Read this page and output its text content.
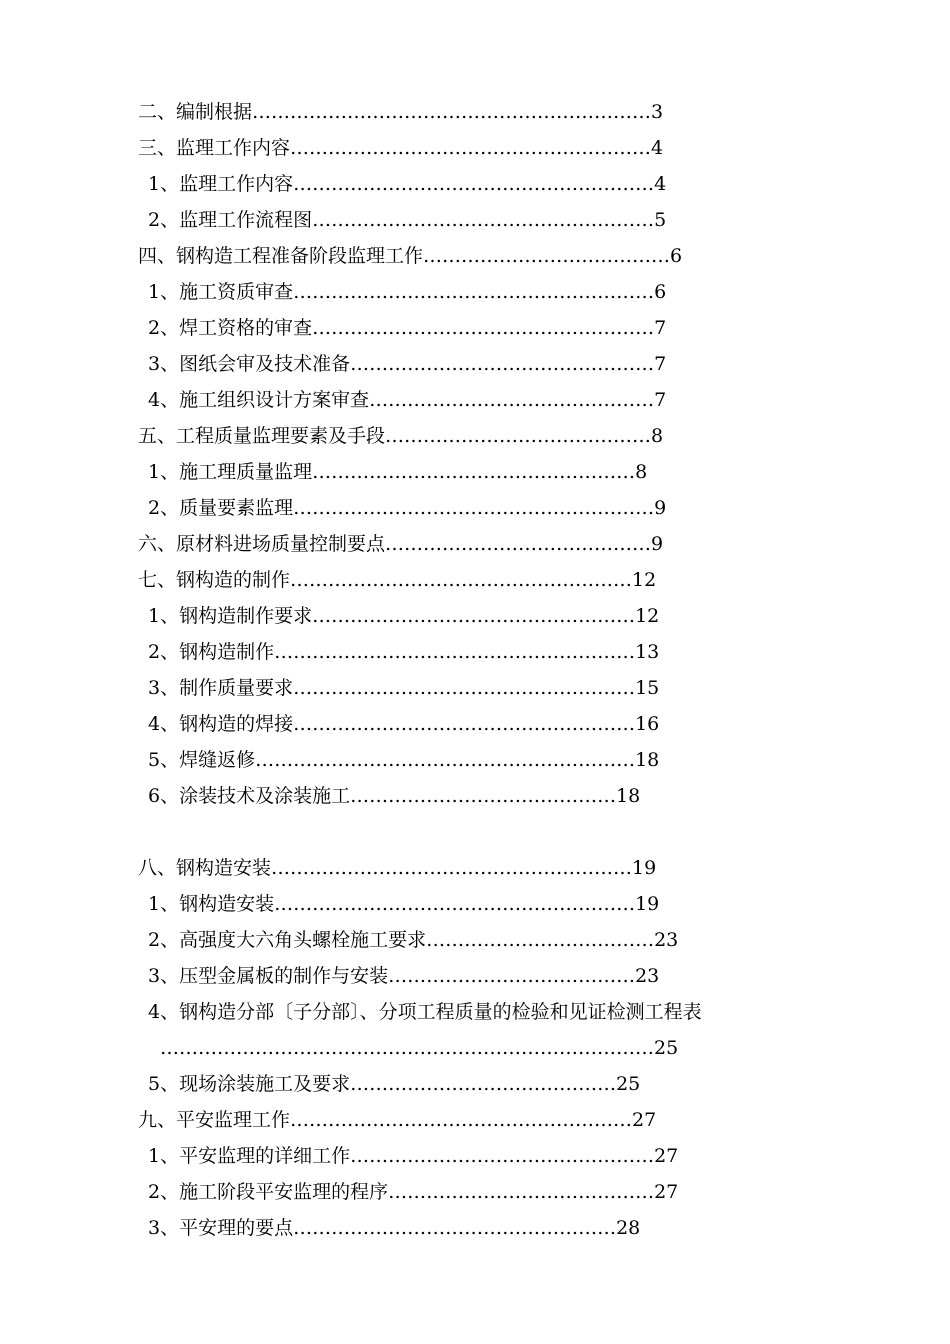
二、编制根据………………………………………………………3
三、监理工作内容…………………………………………………4
1、监理工作内容…………………………………………………4
2、监理工作流程图………………………………………………5
四、钢构造工程准备阶段监理工作…………………………………6
1、施工资质审查…………………………………………………6
2、焊工资格的审查………………………………………………7
3、图纸会审及技术准备…………………………………………7
4、施工组织设计方案审查………………………………………7
五、工程质量监理要素及手段……………………………………8
1、施工理质量监理……………………………………………8
2、质量要素监理…………………………………………………9
六、原材料进场质量控制要点……………………………………9
七、钢构造的制作………………………………………………12
1、钢构造制作要求……………………………………………12
2、钢构造制作…………………………………………………13
3、制作质量要求………………………………………………15
4、钢构造的焊接………………………………………………16
5、焊缝返修……………………………………………………18
6、涂装技术及涂装施工……………………………………18
八、钢构造安装…………………………………………………19
1、钢构造安装…………………………………………………19
2、高强度大六角头螺栓施工要求………………………………23
3、压型金属板的制作与安装…………………………………23
4、钢构造分部〔子分部〕、分项工程质量的检验和见证检测工程表
……………………………………………………………………25
5、现场涂装施工及要求……………………………………25
九、平安监理工作………………………………………………27
1、平安监理的详细工作…………………………………………27
2、施工阶段平安监理的程序……………………………………27
3、平安理的要点……………………………………………28
